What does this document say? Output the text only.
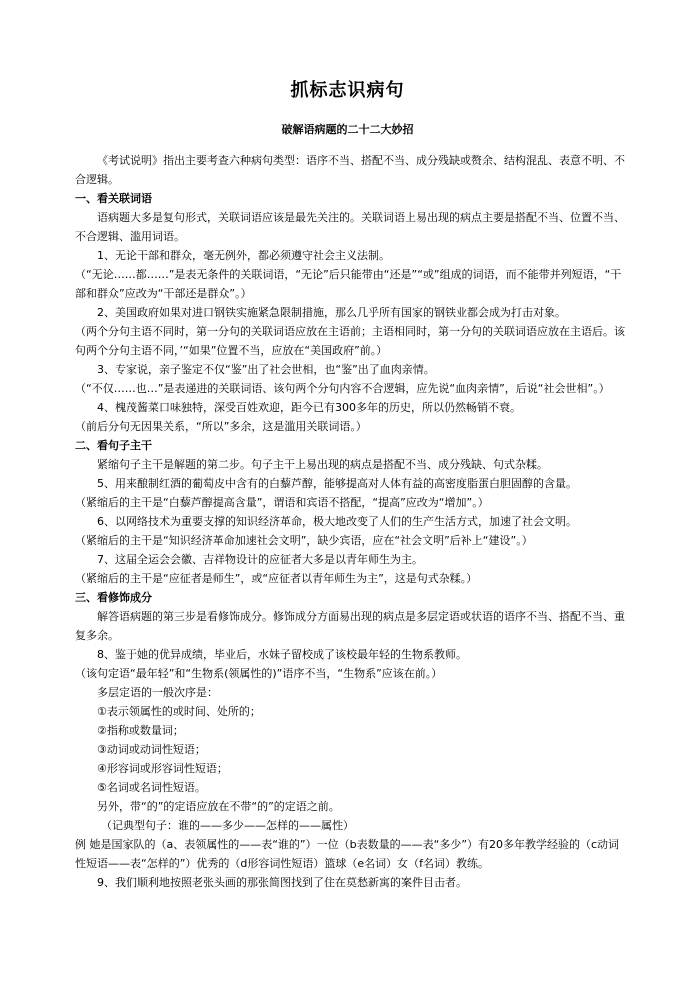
抓标志识病句
破解语病题的二十二大妙招

《考试说明》指出主要考查六种病句类型：语序不当、搭配不当、成分残缺或赘余、结构混乱、表意不明、不合逻辑。

一、看关联词语

语病题大多是复句形式，关联词语应该是最先关注的。关联词语上易出现的病点主要是搭配不当、位置不当、不合逻辑、滥用词语。

1、无论干部和群众，毫无例外，都必须遵守社会主义法制。

（“无论……都……”是表无条件的关联词语，“无论”后只能带由“还是”“或”组成的词语，而不能带并列短语，“干部和群众”应改为“干部还是群众”。）

2、美国政府如果对进口钢铁实施紧急限制措施，那么几乎所有国家的钢铁业都会成为打击对象。

（两个分句主语不同时，第一分句的关联词语应放在主语前；主语相同时，第一分句的关联词语应放在主语后。该句两个分句主语不同，’“如果”位置不当，应放在“美国政府”前。）

3、专家说，亲子鉴定不仅“鉴”出了社会世相，也“鉴”出了血肉亲情。

（“不仅……也…”是表递进的关联词语、该句两个分句内容不合逻辑，应先说“血肉亲情”，后说“社会世相”。）

4、槐茂酱菜口味独特，深受百姓欢迎，距今已有300多年的历史，所以仍然畅销不衰。

（前后分句无因果关系，“所以”多余，这是滥用关联词语。）

二、看句子主干

紧缩句子主干是解题的第二步。句子主干上易出现的病点是搭配不当、成分残缺、句式杂糅。

5、用来酿制红酒的葡萄皮中含有的白藜芦醇，能够提高对人体有益的高密度脂蛋白胆固醇的含量。

（紧缩后的主干是“白藜芦醇提高含量”，谓语和宾语不搭配，“提高”应改为“增加”。）

6、以网络技术为重要支撑的知识经济革命，极大地改变了人们的生产生活方式，加速了社会文明。

（紧缩后的主干是“知识经济革命加速社会文明”，缺少宾语，应在“社会文明”后补上“建设”。）

7、这届全运会会徽、吉祥物设计的应征者大多是以青年师生为主。

（紧缩后的主干是“应征者是师生”，或“应征者以青年师生为主”，这是句式杂糅。）

三、看修饰成分

解答语病题的第三步是看修饰成分。修饰成分方面易出现的病点是多层定语或状语的语序不当、搭配不当、重复多余。

8、鉴于她的优异成绩，毕业后，水妹子留校成了该校最年轻的生物系教师。

（该句定语“最年轻”和“生物系(领属性的)”语序不当，“生物系”应该在前。）

多层定语的一般次序是：

①表示领属性的或时间、处所的；

②指称或数量词；

③动词或动词性短语；

④形容词或形容词性短语；

⑤名词或名词性短语。

另外，带“的”的定语应放在不带“的”的定语之前。

（记典型句子：谁的——多少——怎样的——属性）

例 她是国家队的（a、表领属性的——表“谁的”）一位（b表数量的——表“多少”）有20多年教学经验的（c动词性短语——表“怎样的”）优秀的（d形容词性短语）篮球（e名词）女（f名词）教练。

9、我们顺利地按照老张头画的那张简图找到了住在莫愁新寓的案件目击者。
